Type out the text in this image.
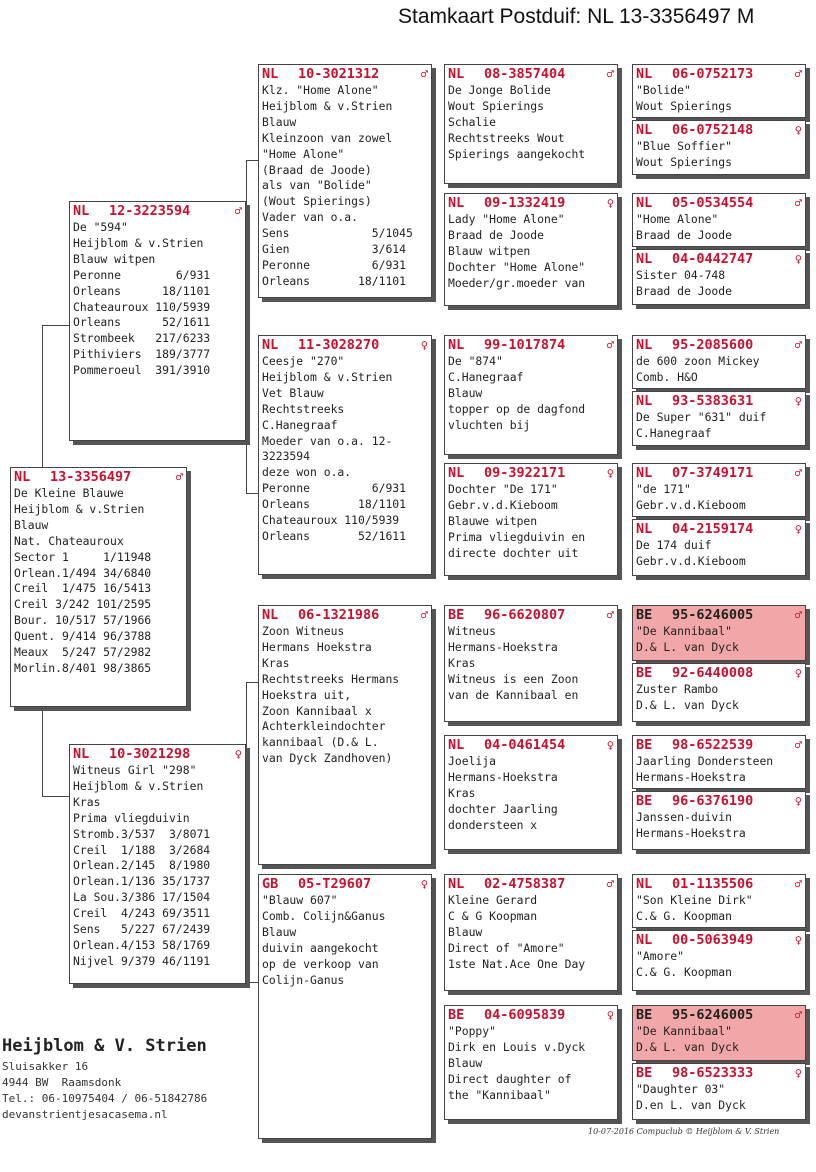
Stamkaart Postduif: NL 13-3356497 M
NL	13-3356497	♂
De Kleine Blauwe
Heijblom & v.Strien
Blauw
Nat. Chateauroux
Sector 1     1/11948
Orlean.1/494 34/6840
Creil  1/475 16/5413
Creil 3/242 101/2595
Bour. 10/517 57/1966
Quent. 9/414 96/3788
Meaux  5/247 57/2982
Morlin.8/401 98/3865
NL	12-3223594	♂
De "594"
Heijblom & v.Strien
Blauw witpen
Peronne        6/931
Orleans      18/1101
Chateauroux 110/5939
Orleans      52/1611
Strombeek   217/6233
Pithiviers  189/3777
Pommeroeul  391/3910
NL	10-3021298	♀
Witneus Girl "298"
Heijblom & v.Strien
Kras
Prima vliegduivin
Stromb.3/537  3/8071
Creil  1/188  3/2684
Orlean.2/145  8/1980
Orlean.1/136 35/1737
La Sou.3/386 17/1504
Creil  4/243 69/3511
Sens   5/227 67/2439
Orlean.4/153 58/1769
Nijvel 9/379 46/1191
NL	10-3021312	♂
Klz. "Home Alone"
Heijblom & v.Strien
Blauw
Kleinzoon van zowel
"Home Alone"
(Braad de Joode)
als van "Bolide"
(Wout Spierings)
Vader van o.a.
Sens            5/1045
Gien            3/614
Peronne         6/931
Orleans       18/1101
NL	11-3028270	♀
Ceesje "270"
Heijblom & v.Strien
Vet Blauw
Rechtstreeks
C.Hanegraaf
Moeder van o.a. 12-
3223594
deze won o.a.
Peronne         6/931
Orleans       18/1101
Chateauroux 110/5939
Orleans       52/1611
NL	06-1321986	♂
Zoon Witneus
Hermans Hoekstra
Kras
Rechtstreeks Hermans
Hoekstra uit,
Zoon Kannibaal x
Achterkleindochter
kannibaal (D.& L.
van Dyck Zandhoven)
GB	05-T29607	♀
"Blauw 607"
Comb. Colijn&Ganus
Blauw
duivin aangekocht
op de verkoop van
Colijn-Ganus
NL	08-3857404	♂
De Jonge Bolide
Wout Spierings
Schalie
Rechtstreeks Wout
Spierings aangekocht
NL	09-1332419	♀
Lady "Home Alone"
Braad de Joode
Blauw witpen
Dochter "Home Alone"
Moeder/gr.moeder van
NL	99-1017874	♂
De "874"
C.Hanegraaf
Blauw
topper op de dagfond
vluchten bij
NL	09-3922171	♀
Dochter "De 171"
Gebr.v.d.Kieboom
Blauwe witpen
Prima vliegduivin en
directe dochter uit
BE	96-6620807	♂
Witneus
Hermans-Hoekstra
Kras
Witneus is een Zoon
van de Kannibaal en
NL	04-0461454	♀
Joelija
Hermans-Hoekstra
Kras
dochter Jaarling
dondersteen x
NL	02-4758387	♂
Kleine Gerard
C & G Koopman
Blauw
Direct of "Amore"
1ste Nat.Ace One Day
BE	04-6095839	♀
"Poppy"
Dirk en Louis v.Dyck
Blauw
Direct daughter of
the "Kannibaal"
NL	06-0752173	♂
"Bolide"
Wout Spierings
NL	06-0752148	♀
"Blue Soffier"
Wout Spierings
NL	05-0534554	♂
"Home Alone"
Braad de Joode
NL	04-0442747	♀
Sister 04-748
Braad de Joode
NL	95-2085600	♂
de 600 zoon Mickey
Comb. H&O
NL	93-5383631	♀
De Super "631" duif
C.Hanegraaf
NL	07-3749171	♂
"de 171"
Gebr.v.d.Kieboom
NL	04-2159174	♀
De 174 duif
Gebr.v.d.Kieboom
BE	95-6246005	♂
"De Kannibaal"
D.& L. van Dyck
BE	92-6440008	♀
Zuster Rambo
D.& L. van Dyck
BE	98-6522539	♂
Jaarling Dondersteen
Hermans-Hoekstra
BE	96-6376190	♀
Janssen-duivin
Hermans-Hoekstra
NL	01-1135506	♂
"Son Kleine Dirk"
C.& G. Koopman
NL	00-5063949	♀
"Amore"
C.& G. Koopman
BE	95-6246005	♂
"De Kannibaal"
D.& L. van Dyck
BE	98-6523333	♀
"Daughter 03"
D.en L. van Dyck
Heijblom & V. Strien
Sluisakker 16
4944 BW  Raamsdonk
Tel.: 06-10975404 / 06-51842786
devanstrientjesacasema.nl
10-07-2016 Compuclub © Heijblom & V. Strien
